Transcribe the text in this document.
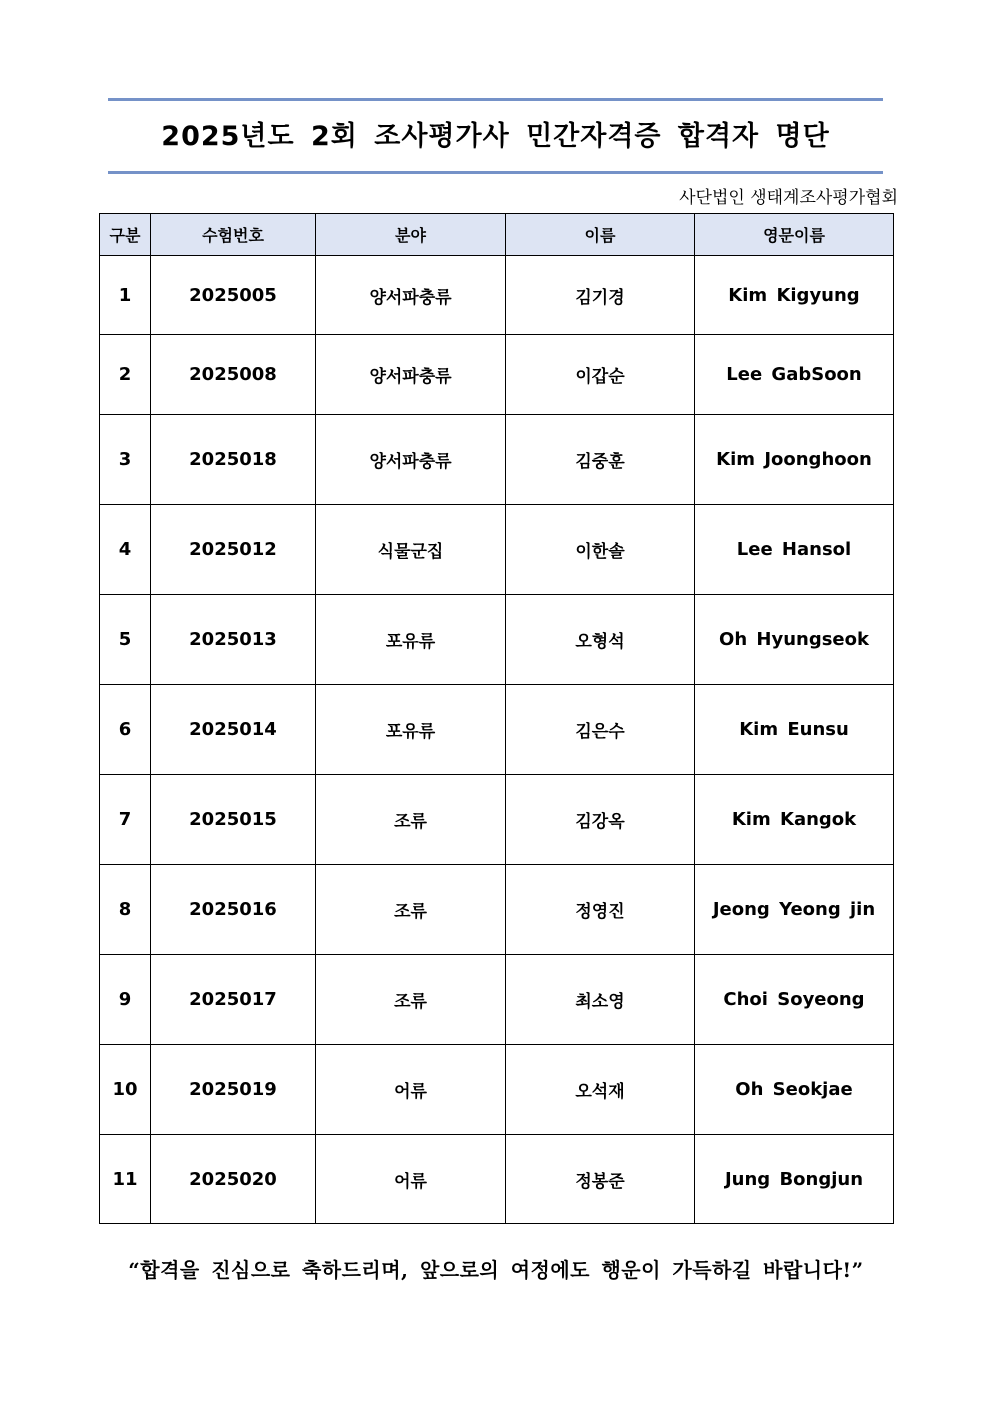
2025년도 2회 조사평가사 민간자격증 합격자 명단
사단법인 생태계조사평가협회
구분	수험번호	분야	이름	영문이름
1	2025005	양서파충류	김기경	Kim Kigyung
2	2025008	양서파충류	이갑순	Lee GabSoon
3	2025018	양서파충류	김중훈	Kim Joonghoon
4	2025012	식물군집	이한솔	Lee Hansol
5	2025013	포유류	오형석	Oh Hyungseok
6	2025014	포유류	김은수	Kim Eunsu
7	2025015	조류	김강옥	Kim Kangok
8	2025016	조류	정영진	Jeong Yeong jin
9	2025017	조류	최소영	Choi Soyeong
10	2025019	어류	오석재	Oh Seokjae
11	2025020	어류	정봉준	Jung Bongjun
“합격을 진심으로 축하드리며, 앞으로의 여정에도 행운이 가득하길 바랍니다!”
